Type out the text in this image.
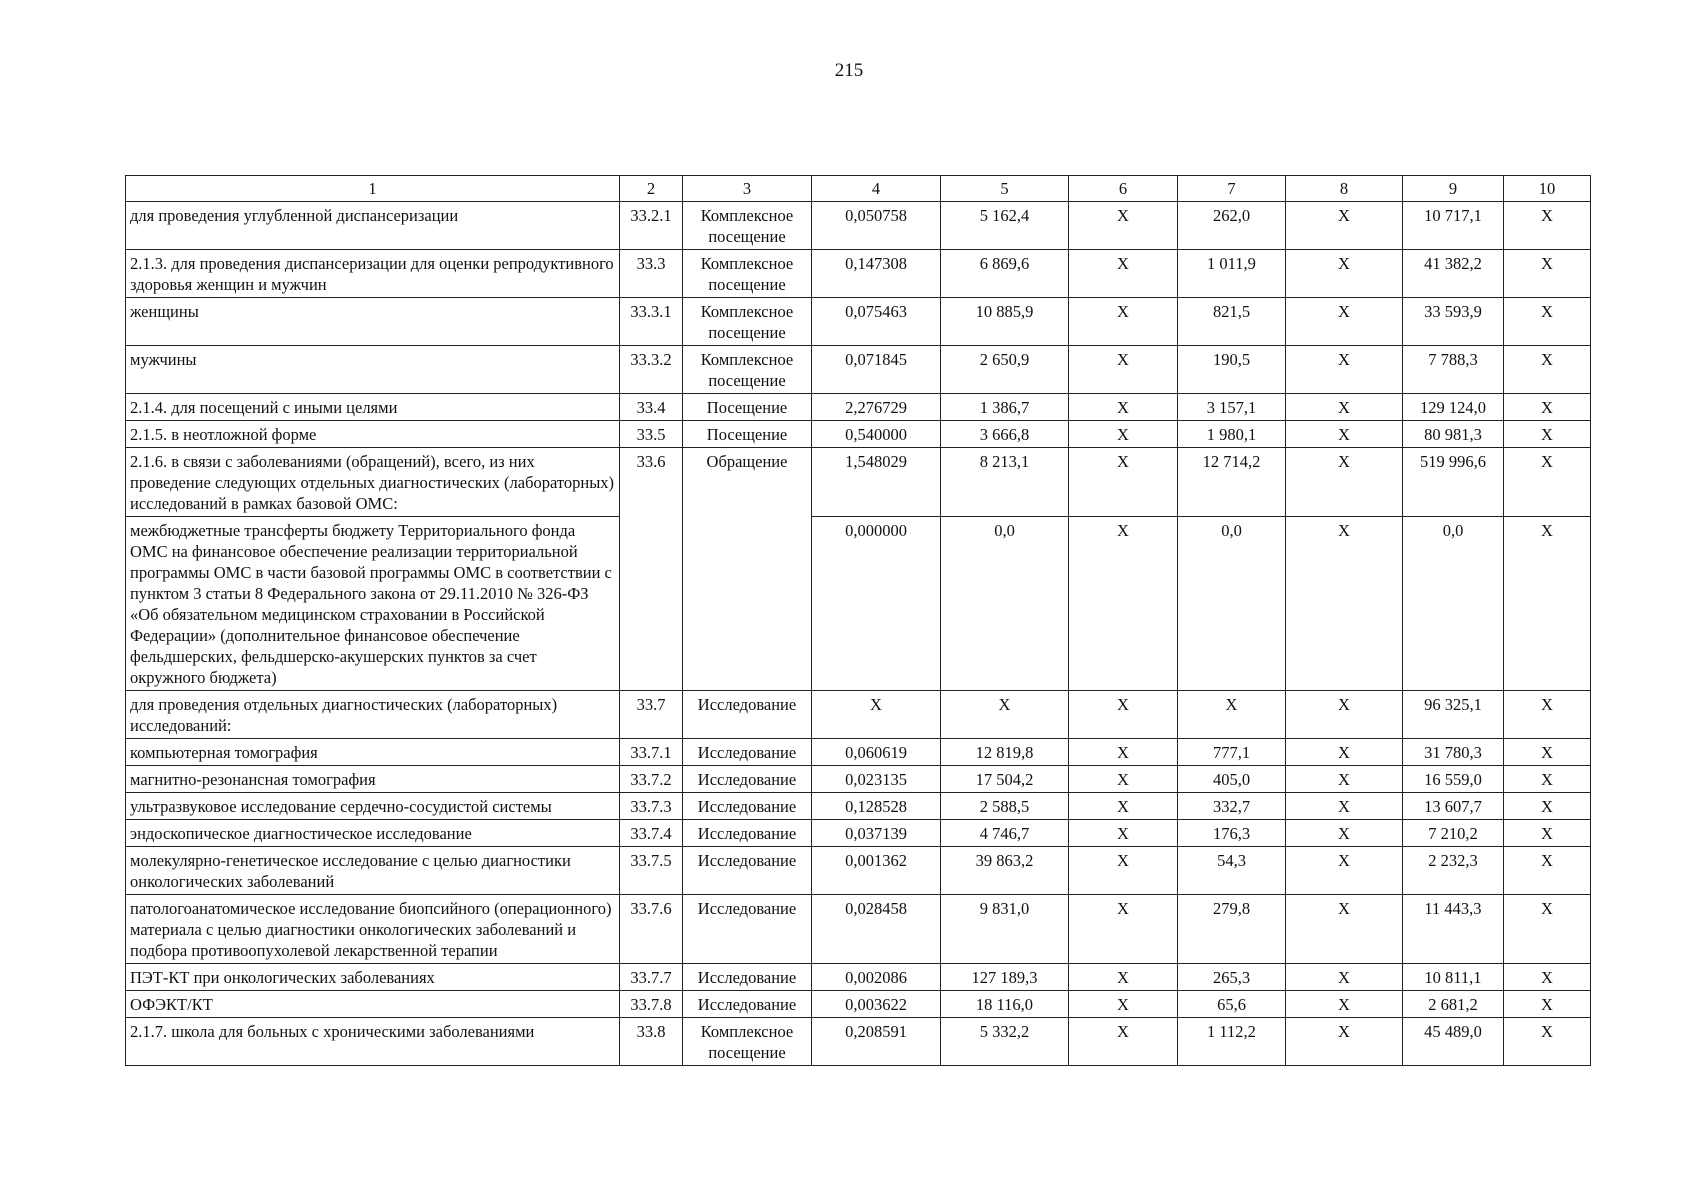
215
1	2	3	4	5	6	7	8	9	10
для проведения углубленной диспансеризации	33.2.1	Комплексное посещение	0,050758	5 162,4	X	262,0	X	10 717,1	X
2.1.3. для проведения диспансеризации для оценки репродуктивного здоровья женщин и мужчин	33.3	Комплексное посещение	0,147308	6 869,6	X	1 011,9	X	41 382,2	X
женщины	33.3.1	Комплексное посещение	0,075463	10 885,9	X	821,5	X	33 593,9	X
мужчины	33.3.2	Комплексное посещение	0,071845	2 650,9	X	190,5	X	7 788,3	X
2.1.4. для посещений с иными целями	33.4	Посещение	2,276729	1 386,7	X	3 157,1	X	129 124,0	X
2.1.5. в неотложной форме	33.5	Посещение	0,540000	3 666,8	X	1 980,1	X	80 981,3	X
2.1.6. в связи с заболеваниями (обращений), всего, из них проведение следующих отдельных диагностических (лабораторных) исследований в рамках базовой ОМС:	33.6	Обращение	1,548029	8 213,1	X	12 714,2	X	519 996,6	X
межбюджетные трансферты бюджету Территориального фонда ОМС на финансовое обеспечение реализации территориальной программы ОМС в части базовой программы ОМС в соответствии с пунктом 3 статьи 8 Федерального закона от 29.11.2010 № 326-ФЗ «Об обязательном медицинском страховании в Российской Федерации» (дополнительное финансовое обеспечение фельдшерских, фельдшерско-акушерских пунктов за счет окружного бюджета)			0,000000	0,0	X	0,0	X	0,0	X
для проведения отдельных диагностических (лабораторных) исследований:	33.7	Исследование	X	X	X	X	X	96 325,1	X
компьютерная томография	33.7.1	Исследование	0,060619	12 819,8	X	777,1	X	31 780,3	X
магнитно-резонансная томография	33.7.2	Исследование	0,023135	17 504,2	X	405,0	X	16 559,0	X
ультразвуковое исследование сердечно-сосудистой системы	33.7.3	Исследование	0,128528	2 588,5	X	332,7	X	13 607,7	X
эндоскопическое диагностическое исследование	33.7.4	Исследование	0,037139	4 746,7	X	176,3	X	7 210,2	X
молекулярно-генетическое исследование с целью диагностики онкологических заболеваний	33.7.5	Исследование	0,001362	39 863,2	X	54,3	X	2 232,3	X
патологоанатомическое исследование биопсийного (операционного) материала с целью диагностики онкологических заболеваний и подбора противоопухолевой лекарственной терапии	33.7.6	Исследование	0,028458	9 831,0	X	279,8	X	11 443,3	X
ПЭТ-КТ при онкологических заболеваниях	33.7.7	Исследование	0,002086	127 189,3	X	265,3	X	10 811,1	X
ОФЭКТ/КТ	33.7.8	Исследование	0,003622	18 116,0	X	65,6	X	2 681,2	X
2.1.7. школа для больных с хроническими заболеваниями	33.8	Комплексное посещение	0,208591	5 332,2	X	1 112,2	X	45 489,0	X
